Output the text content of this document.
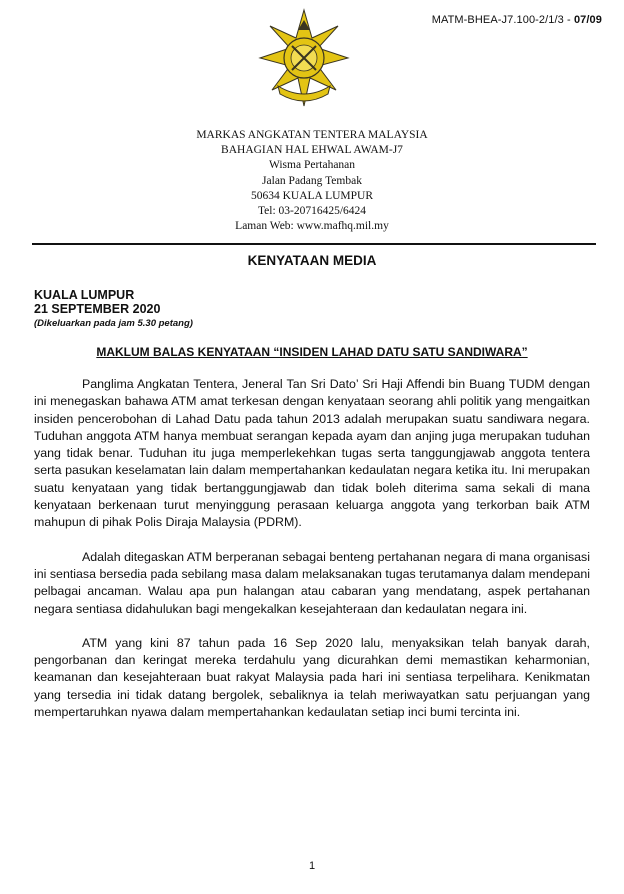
MATM-BHEA-J7.100-2/1/3 - 07/09
MARKAS ANGKATAN TENTERA MALAYSIA
BAHAGIAN HAL EHWAL AWAM-J7
Wisma Pertahanan
Jalan Padang Tembak
50634 KUALA LUMPUR
Tel: 03-20716425/6424
Laman Web: www.mafhq.mil.my
KENYATAAN MEDIA
KUALA LUMPUR
21 SEPTEMBER 2020
(Dikeluarkan pada jam 5.30 petang)
MAKLUM BALAS KENYATAAN “INSIDEN LAHAD DATU SATU SANDIWARA”

Panglima Angkatan Tentera, Jeneral Tan Sri Dato’ Sri Haji Affendi bin Buang TUDM dengan ini menegaskan bahawa ATM amat terkesan dengan kenyataan seorang ahli politik yang mengaitkan insiden pencerobohan di Lahad Datu pada tahun 2013 adalah merupakan suatu sandiwara negara. Tuduhan anggota ATM hanya membuat serangan kepada ayam dan anjing juga merupakan tuduhan yang tidak benar. Tuduhan itu juga memperlekehkan tugas serta tanggungjawab anggota tentera serta pasukan keselamatan lain dalam mempertahankan kedaulatan negara ketika itu. Ini merupakan suatu kenyataan yang tidak bertanggungjawab dan tidak boleh diterima sama sekali di mana kenyataan berkenaan turut menyinggung perasaan keluarga anggota yang terkorban baik ATM mahupun di pihak Polis Diraja Malaysia (PDRM).

Adalah ditegaskan ATM berperanan sebagai benteng pertahanan negara di mana organisasi ini sentiasa bersedia pada sebilang masa dalam melaksanakan tugas terutamanya dalam mendepani pelbagai ancaman. Walau apa pun halangan atau cabaran yang mendatang, aspek pertahanan negara sentiasa didahulukan bagi mengekalkan kesejahteraan dan kedaulatan negara ini.

ATM yang kini 87 tahun pada 16 Sep 2020 lalu, menyaksikan telah banyak darah, pengorbanan dan keringat mereka terdahulu yang dicurahkan demi memastikan keharmonian, keamanan dan kesejahteraan buat rakyat Malaysia pada hari ini sentiasa terpelihara. Kenikmatan yang tersedia ini tidak datang bergolek, sebaliknya ia telah meriwayatkan satu perjuangan yang mempertaruhkan nyawa dalam mempertahankan kedaulatan setiap inci bumi tercinta ini.

1
